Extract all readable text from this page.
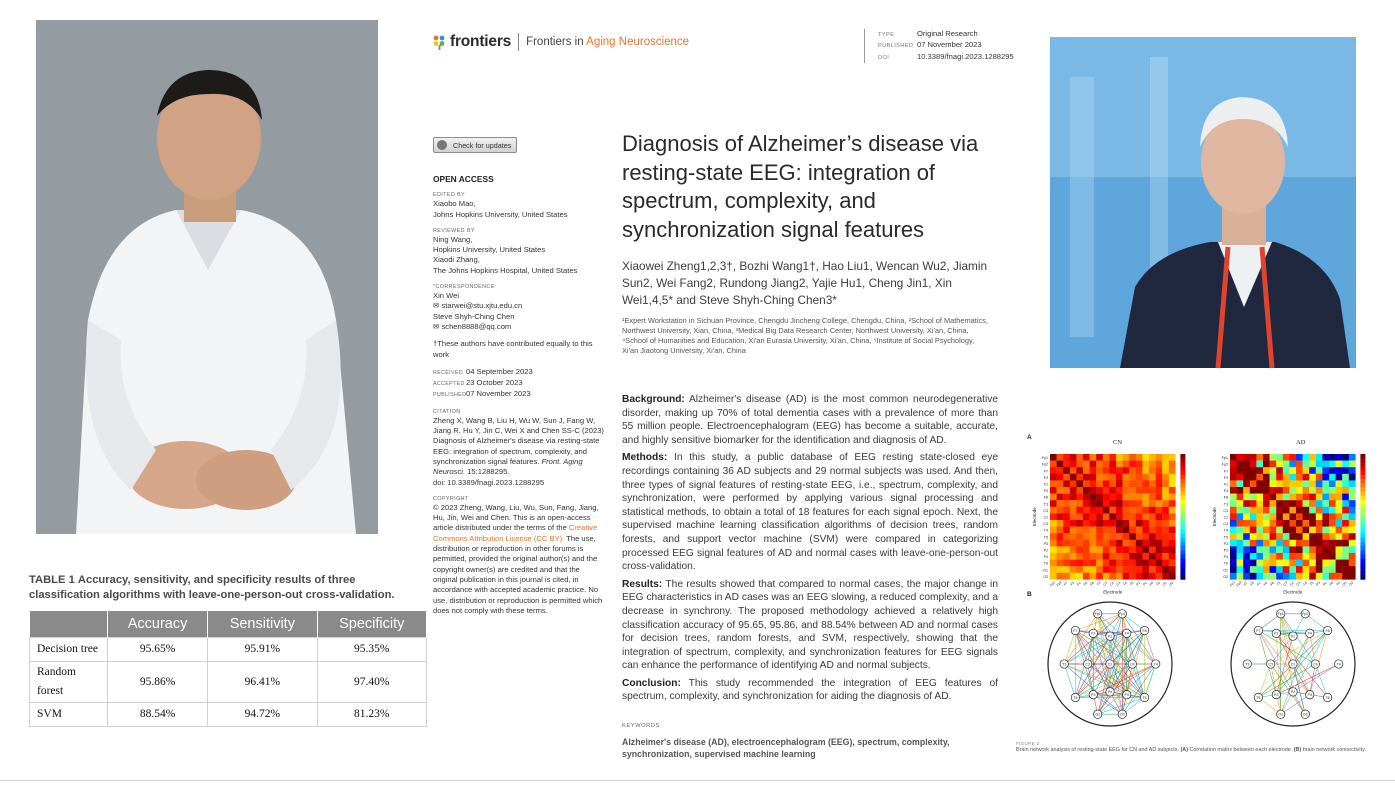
TABLE 1 Accuracy, sensitivity, and specificity results of three classification algorithms with leave-one-person-out cross-validation.
	Accuracy	Sensitivity	Specificity
Decision tree	95.65%	95.91%	95.35%
Random forest	95.86%	96.41%	97.40%
SVM	88.54%	94.72%	81.23%
frontiers Frontiers in Aging Neuroscience
TYPE	Original Research
PUBLISHED 07 November 2023
DOI	10.3389/fnagi.2023.1288295
Check for updates

OPEN ACCESS

EDITED BY

Xiaobo Mao,

Johns Hopkins University, United States

REVIEWED BY

Ning Wang,

Hopkins University, United States

Xiaodi Zhang,

The Johns Hopkins Hospital, United States

*CORRESPONDENCE

Xin Wei

✉ starwei@stu.xjtu.edu.cn

Steve Shyh-Ching Chen

✉ schen8888@qq.com

†These authors have contributed equally to this work

RECEIVED 04 September 2023

ACCEPTED23 October 2023

PUBLISHED07 November 2023

CITATION

Zheng X, Wang B, Liu H, Wu W, Sun J, Fang W, Jiang R, Hu Y, Jin C, Wei X and Chen SS-C (2023) Diagnosis of Alzheimer's disease via resting-state EEG: integration of spectrum, complexity, and synchronization signal features. Front. Aging Neurosci. 15:1288295.

doi: 10.3389/fnagi.2023.1288295

COPYRIGHT

© 2023 Zheng, Wang, Liu, Wu, Sun, Fang, Jiang, Hu, Jin, Wei and Chen. This is an open-access article distributed under the terms of the Creative Commons Attribution License (CC BY). The use, distribution or reproduction in other forums is permitted, provided the original author(s) and the copyright owner(s) are credited and that the original publication in this journal is cited, in accordance with accepted academic practice. No use, distribution or reproduction is permitted which does not comply with these terms.

Diagnosis of Alzheimer’s disease via resting-state EEG: integration of spectrum, complexity, and synchronization signal features
Xiaowei Zheng1,2,3†, Bozhi Wang1†, Hao Liu1, Wencan Wu2, Jiamin Sun2, Wei Fang2, Rundong Jiang2, Yajie Hu1, Cheng Jin1, Xin Wei1,4,5* and Steve Shyh-Ching Chen3*
¹Expert Workstation in Sichuan Province, Chengdu Jincheng College, Chengdu, China, ²School of Mathematics, Northwest University, Xian, China, ³Medical Big Data Research Center, Northwest University, Xi'an, China, ⁴School of Humanities and Education, Xi'an Eurasia University, Xi'an, China, ⁵Institute of Social Psychology, Xi'an Jiaotong University, Xi'an, China

Background: Alzheimer's disease (AD) is the most common neurodegenerative disorder, making up 70% of total dementia cases with a prevalence of more than 55 million people. Electroencephalogram (EEG) has become a suitable, accurate, and highly sensitive biomarker for the identification and diagnosis of AD.

Methods: In this study, a public database of EEG resting state-closed eye recordings containing 36 AD subjects and 29 normal subjects was used. And then, three types of signal features of resting-state EEG, i.e., spectrum, complexity, and synchronization, were performed by applying various signal processing and statistical methods, to obtain a total of 18 features for each signal epoch. Next, the supervised machine learning classification algorithms of decision trees, random forests, and support vector machine (SVM) were compared in categorizing processed EEG signal features of AD and normal cases with leave-one-person-out cross-validation.

Results: The results showed that compared to normal cases, the major change in EEG characteristics in AD cases was an EEG slowing, a reduced complexity, and a decrease in synchrony. The proposed methodology achieved a relatively high classification accuracy of 95.65, 95.86, and 88.54% between AD and normal cases for decision trees, random forests, and SVM, respectively, showing that the integration of spectrum, complexity, and synchronization features for EEG signals can enhance the performance of identifying AD and normal subjects.

Conclusion: This study recommended the integration of EEG features of spectrum, complexity, and synchronization for aiding the diagnosis of AD.

KEYWORDS
Alzheimer's disease (AD), electroencephalogram (EEG), spectrum, complexity, synchronization, supervised machine learning
A
CN	AD
Fp1
Fp1
Fp2
Fp2
F7
F7
F3
F3
Fz
Fz
F4
F4
F8
F8
T3
T3
C3
C3
Cz
Cz
C4
C4
T4
T4
T5
T5
P3
P3
Pz
Pz
P4
P4
T6
T6
O1
O1
O2
O2
Electrode
Electrode
Fp1
Fp1
Fp2
Fp2
F7
F7
F3
F3
Fz
Fz
F4
F4
F8
F8
T3
T3
C3
C3
Cz
Cz
C4
C4
T4
T4
T5
T5
P3
P3
Pz
Pz
P4
P4
T6
T6
O1
O1
O2
O2
Electrode
Electrode
B
Fp1	Fp2
F7
F3
Fz
F4
F8
T3	C3	Cz	C4	T4
T5
P3
Pz
P4
T6
O1	O2
Fp1	Fp2
F7
F3
Fz
F4
F8
T3	C3	Cz	C4	T4
T5
P3
Pz
P4
T6
O1	O2
FIGURE 2
Brain network analysis of resting-state EEG for CN and AD subjects. (A) Correlation matrix between each electrode. (B) brain network connectivity.
